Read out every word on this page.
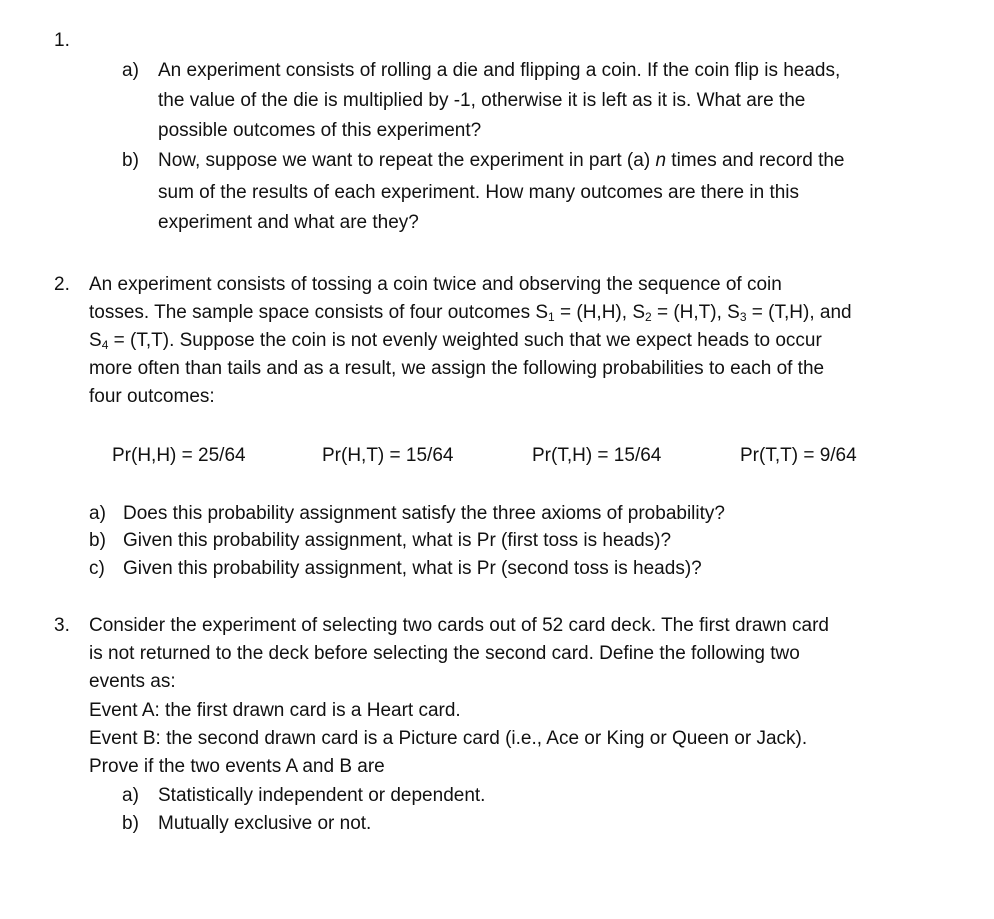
1.
a) An experiment consists of rolling a die and flipping a coin. If the coin flip is heads,
the value of the die is multiplied by -1, otherwise it is left as it is. What are the
possible outcomes of this experiment?
b) Now, suppose we want to repeat the experiment in part (a) n times and record the
sum of the results of each experiment. How many outcomes are there in this
experiment and what are they?
2. An experiment consists of tossing a coin twice and observing the sequence of coin
tosses. The sample space consists of four outcomes $S_1 = (H,H)$, $S_2 = (H,T)$, $S_3 = (T,H)$, and
$S_4 = (T,T)$. Suppose the coin is not evenly weighted such that we expect heads to occur
more often than tails and as a result, we assign the following probabilities to each of the
four outcomes:
Pr(H,H) = 25/64	Pr(H,T) = 15/64	Pr(T,H) = 15/64	Pr(T,T) = 9/64
a) Does this probability assignment satisfy the three axioms of probability?
b) Given this probability assignment, what is Pr (first toss is heads)?
c) Given this probability assignment, what is Pr (second toss is heads)?
3. Consider the experiment of selecting two cards out of 52 card deck. The first drawn card
is not returned to the deck before selecting the second card. Define the following two
events as:
Event A: the first drawn card is a Heart card.
Event B: the second drawn card is a Picture card (i.e., Ace or King or Queen or Jack).
Prove if the two events A and B are
a) Statistically independent or dependent.
b) Mutually exclusive or not.
